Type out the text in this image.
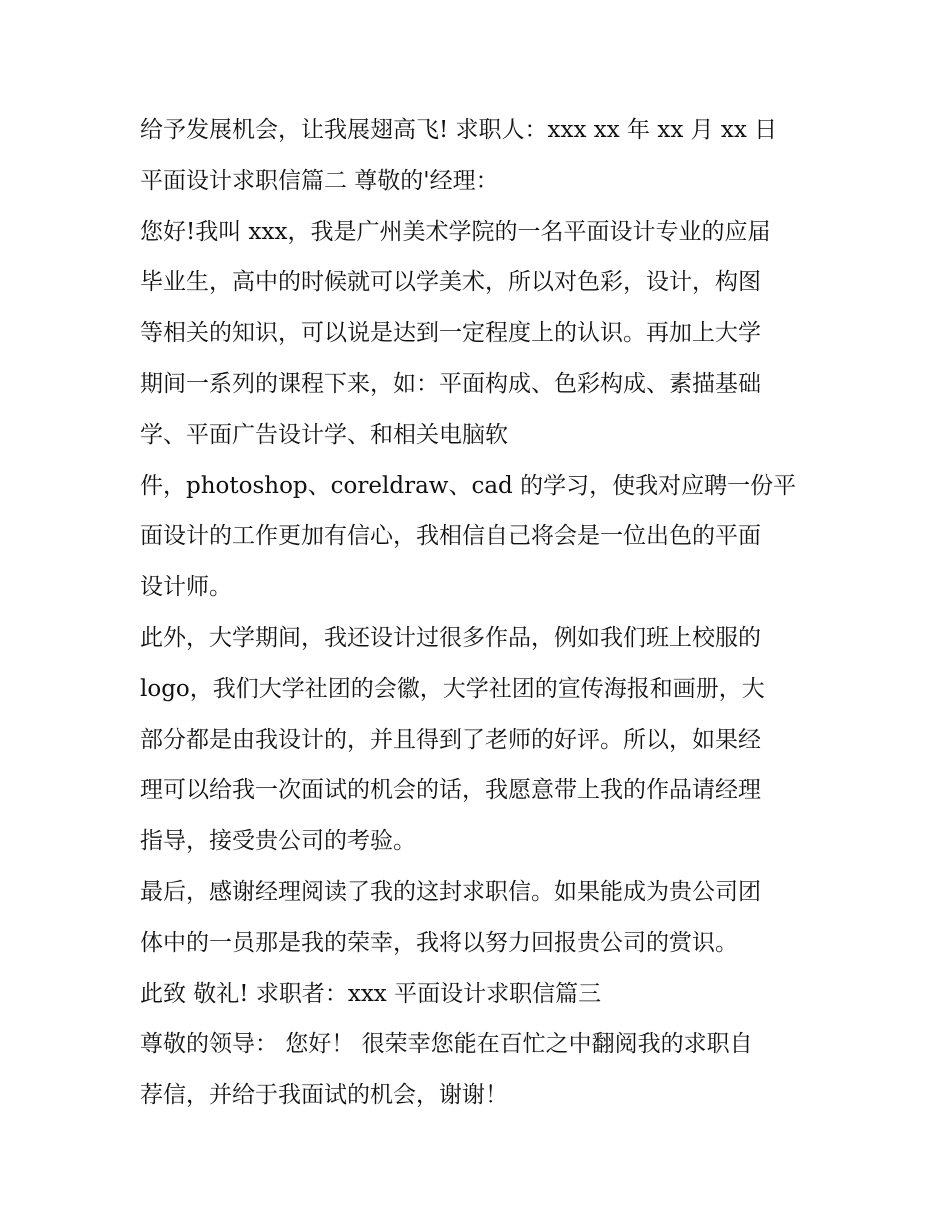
给予发展机会，让我展翅高飞! 求职人：xxx xx 年 xx 月 xx 日
平面设计求职信篇二 尊敬的'经理：
您好!我叫 xxx，我是广州美术学院的一名平面设计专业的应届
毕业生，高中的时候就可以学美术，所以对色彩，设计，构图
等相关的知识，可以说是达到一定程度上的认识。再加上大学
期间一系列的课程下来，如：平面构成、色彩构成、素描基础
学、平面广告设计学、和相关电脑软
件，photoshop、coreldraw、cad 的学习，使我对应聘一份平
面设计的工作更加有信心，我相信自己将会是一位出色的平面
设计师。
此外，大学期间，我还设计过很多作品，例如我们班上校服的
logo，我们大学社团的会徽，大学社团的宣传海报和画册，大
部分都是由我设计的，并且得到了老师的好评。所以，如果经
理可以给我一次面试的机会的话，我愿意带上我的作品请经理
指导，接受贵公司的考验。
最后，感谢经理阅读了我的这封求职信。如果能成为贵公司团
体中的一员那是我的荣幸，我将以努力回报贵公司的赏识。
此致 敬礼! 求职者：xxx 平面设计求职信篇三
尊敬的领导： 您好！ 很荣幸您能在百忙之中翻阅我的求职自
荐信，并给于我面试的机会，谢谢！
